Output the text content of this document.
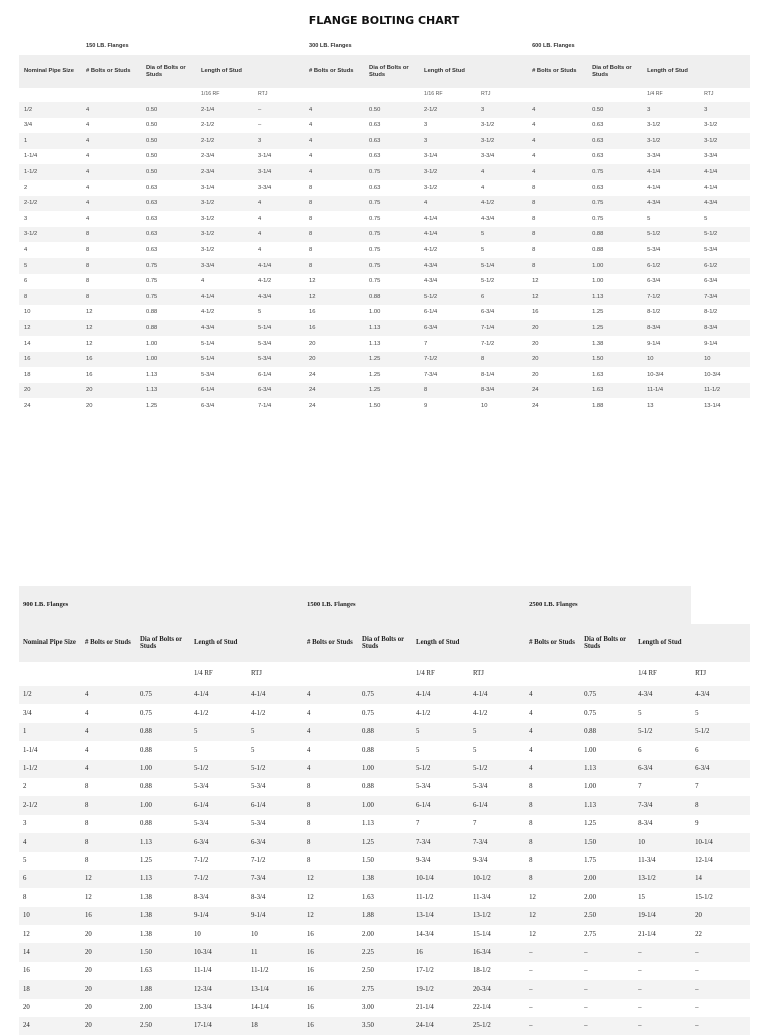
FLANGE BOLTING CHART
	150 LB. Flanges				300 LB. Flanges				600 LB. Flanges			
Nominal Pipe Size	# Bolts or Studs	Dia of Bolts or Studs	Length of Stud		# Bolts or Studs	Dia of Bolts or Studs	Length of Stud		# Bolts or Studs	Dia of Bolts or Studs	Length of Stud	
			1/16 RF	RTJ			1/16 RF	RTJ			1/4 RF	RTJ
1/2	4	0.50	2-1/4	–	4	0.50	2-1/2	3	4	0.50	3	3
3/4	4	0.50	2-1/2	–	4	0.63	3	3-1/2	4	0.63	3-1/2	3-1/2
1	4	0.50	2-1/2	3	4	0.63	3	3-1/2	4	0.63	3-1/2	3-1/2
1-1/4	4	0.50	2-3/4	3-1/4	4	0.63	3-1/4	3-3/4	4	0.63	3-3/4	3-3/4
1-1/2	4	0.50	2-3/4	3-1/4	4	0.75	3-1/2	4	4	0.75	4-1/4	4-1/4
2	4	0.63	3-1/4	3-3/4	8	0.63	3-1/2	4	8	0.63	4-1/4	4-1/4
2-1/2	4	0.63	3-1/2	4	8	0.75	4	4-1/2	8	0.75	4-3/4	4-3/4
3	4	0.63	3-1/2	4	8	0.75	4-1/4	4-3/4	8	0.75	5	5
3-1/2	8	0.63	3-1/2	4	8	0.75	4-1/4	5	8	0.88	5-1/2	5-1/2
4	8	0.63	3-1/2	4	8	0.75	4-1/2	5	8	0.88	5-3/4	5-3/4
5	8	0.75	3-3/4	4-1/4	8	0.75	4-3/4	5-1/4	8	1.00	6-1/2	6-1/2
6	8	0.75	4	4-1/2	12	0.75	4-3/4	5-1/2	12	1.00	6-3/4	6-3/4
8	8	0.75	4-1/4	4-3/4	12	0.88	5-1/2	6	12	1.13	7-1/2	7-3/4
10	12	0.88	4-1/2	5	16	1.00	6-1/4	6-3/4	16	1.25	8-1/2	8-1/2
12	12	0.88	4-3/4	5-1/4	16	1.13	6-3/4	7-1/4	20	1.25	8-3/4	8-3/4
14	12	1.00	5-1/4	5-3/4	20	1.13	7	7-1/2	20	1.38	9-1/4	9-1/4
16	16	1.00	5-1/4	5-3/4	20	1.25	7-1/2	8	20	1.50	10	10
18	16	1.13	5-3/4	6-1/4	24	1.25	7-3/4	8-1/4	20	1.63	10-3/4	10-3/4
20	20	1.13	6-1/4	6-3/4	24	1.25	8	8-3/4	24	1.63	11-1/4	11-1/2
24	20	1.25	6-3/4	7-1/4	24	1.50	9	10	24	1.88	13	13-1/4
900 LB. Flanges					1500 LB. Flanges				2500 LB. Flanges			
Nominal Pipe Size	# Bolts or Studs	Dia of Bolts or Studs	Length of Stud		# Bolts or Studs	Dia of Bolts or Studs	Length of Stud		# Bolts or Studs	Dia of Bolts or Studs	Length of Stud	
			1/4 RF	RTJ			1/4 RF	RTJ			1/4 RF	RTJ
1/2	4	0.75	4-1/4	4-1/4	4	0.75	4-1/4	4-1/4	4	0.75	4-3/4	4-3/4
3/4	4	0.75	4-1/2	4-1/2	4	0.75	4-1/2	4-1/2	4	0.75	5	5
1	4	0.88	5	5	4	0.88	5	5	4	0.88	5-1/2	5-1/2
1-1/4	4	0.88	5	5	4	0.88	5	5	4	1.00	6	6
1-1/2	4	1.00	5-1/2	5-1/2	4	1.00	5-1/2	5-1/2	4	1.13	6-3/4	6-3/4
2	8	0.88	5-3/4	5-3/4	8	0.88	5-3/4	5-3/4	8	1.00	7	7
2-1/2	8	1.00	6-1/4	6-1/4	8	1.00	6-1/4	6-1/4	8	1.13	7-3/4	8
3	8	0.88	5-3/4	5-3/4	8	1.13	7	7	8	1.25	8-3/4	9
4	8	1.13	6-3/4	6-3/4	8	1.25	7-3/4	7-3/4	8	1.50	10	10-1/4
5	8	1.25	7-1/2	7-1/2	8	1.50	9-3/4	9-3/4	8	1.75	11-3/4	12-1/4
6	12	1.13	7-1/2	7-3/4	12	1.38	10-1/4	10-1/2	8	2.00	13-1/2	14
8	12	1.38	8-3/4	8-3/4	12	1.63	11-1/2	11-3/4	12	2.00	15	15-1/2
10	16	1.38	9-1/4	9-1/4	12	1.88	13-1/4	13-1/2	12	2.50	19-1/4	20
12	20	1.38	10	10	16	2.00	14-3/4	15-1/4	12	2.75	21-1/4	22
14	20	1.50	10-3/4	11	16	2.25	16	16-3/4	–	–	–	–
16	20	1.63	11-1/4	11-1/2	16	2.50	17-1/2	18-1/2	–	–	–	–
18	20	1.88	12-3/4	13-1/4	16	2.75	19-1/2	20-3/4	–	–	–	–
20	20	2.00	13-3/4	14-1/4	16	3.00	21-1/4	22-1/4	–	–	–	–
24	20	2.50	17-1/4	18	16	3.50	24-1/4	25-1/2	–	–	–	–
